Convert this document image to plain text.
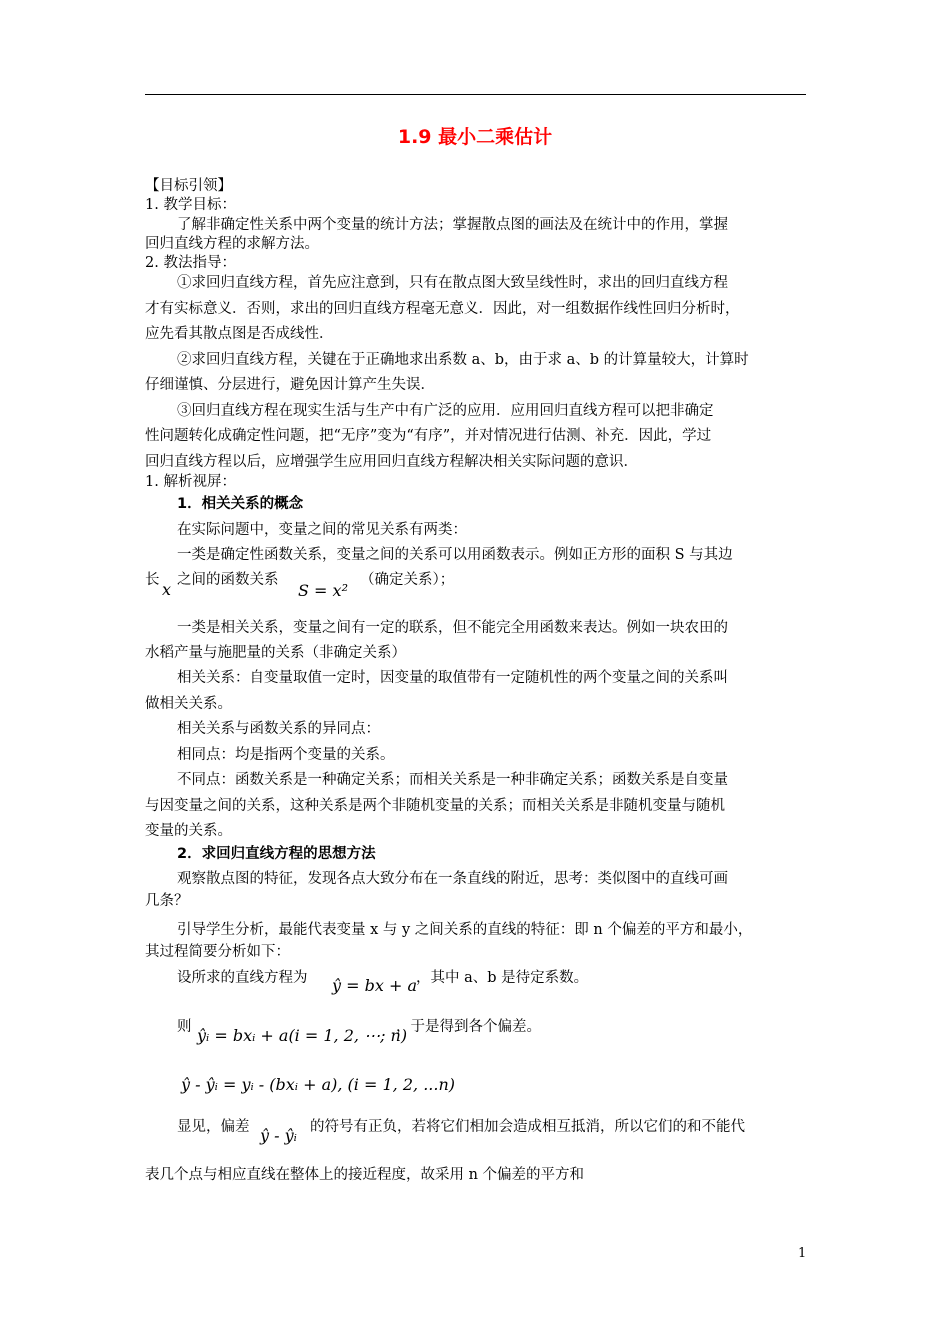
1.9 最小二乘估计
【目标引领】
1. 教学目标：
了解非确定性关系中两个变量的统计方法；掌握散点图的画法及在统计中的作用，掌握
回归直线方程的求解方法。
2. 教法指导：
①求回归直线方程，首先应注意到，只有在散点图大致呈线性时，求出的回归直线方程
才有实标意义．否则，求出的回归直线方程毫无意义．因此，对一组数据作线性回归分析时，
应先看其散点图是否成线性．
②求回归直线方程，关键在于正确地求出系数 a、b，由于求 a、b 的计算量较大，计算时
仔细谨慎、分层进行，避免因计算产生失误．
③回归直线方程在现实生活与生产中有广泛的应用．应用回归直线方程可以把非确定
性问题转化成确定性问题，把“无序”变为“有序”，并对情况进行估测、补充．因此，学过
回归直线方程以后，应增强学生应用回归直线方程解决相关实际问题的意识．
1. 解析视屏：
1．相关关系的概念
在实际问题中，变量之间的常见关系有两类：
一类是确定性函数关系，变量之间的关系可以用函数表示。例如正方形的面积 S 与其边
长 x 之间的函数关系
S = x²
（确定关系）；
一类是相关关系，变量之间有一定的联系，但不能完全用函数来表达。例如一块农田的
水稻产量与施肥量的关系（非确定关系）
相关关系：自变量取值一定时，因变量的取值带有一定随机性的两个变量之间的关系叫
做相关关系。
相关关系与函数关系的异同点：
相同点：均是指两个变量的关系。
不同点：函数关系是一种确定关系；而相关关系是一种非确定关系；函数关系是自变量
与因变量之间的关系，这种关系是两个非随机变量的关系；而相关关系是非随机变量与随机
变量的关系。
2．求回归直线方程的思想方法
观察散点图的特征，发现各点大致分布在一条直线的附近，思考：类似图中的直线可画
几条？
引导学生分析，最能代表变量 x 与 y 之间关系的直线的特征：即 n 个偏差的平方和最小，
其过程简要分析如下：
设所求的直线方程为 ŷ = bx + a ，其中 a、b 是待定系数。
则 ŷᵢ = bxᵢ + a(i = 1, 2, ⋯; n)
，于是得到各个偏差。
ŷ - ŷᵢ = yᵢ - (bxᵢ + a), (i = 1, 2, ...n)
显见，偏差 ŷ - ŷᵢ 的符号有正负，若将它们相加会造成相互抵消，所以它们的和不能代
表几个点与相应直线在整体上的接近程度，故采用 n 个偏差的平方和
1
